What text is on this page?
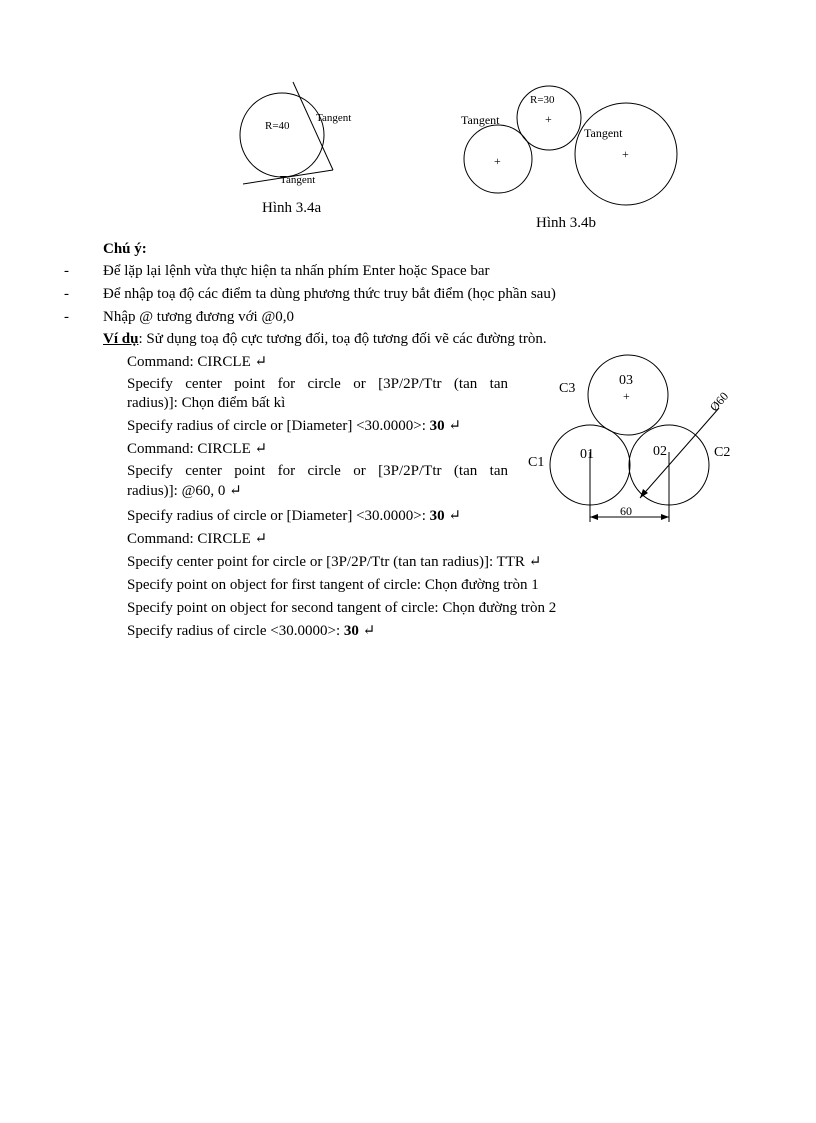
R=40
Tangent
Tangent
Hình 3.4a
R=30
Tangent
Tangent
+
+
+
Hình 3.4b
Chú ý:
- Để lặp lại lệnh vừa thực hiện ta nhấn phím Enter hoặc Space bar
- Để nhập toạ độ các điểm ta dùng phương thức truy bắt điểm (học phần sau)
- Nhập @ tương đương với @0,0
Ví dụ: Sử dụng toạ độ cực tương đối, toạ độ tương đối vẽ các đường tròn.
Command: CIRCLE ↵
Specify center point for circle or [3P/2P/Ttr (tan tan
radius)]: Chọn điểm bất kì
Specify radius of circle or [Diameter] <30.0000>: 30 ↵
Command: CIRCLE ↵
Specify center point for circle or [3P/2P/Ttr (tan tan
radius)]: @60, 0 ↵
Specify radius of circle or [Diameter] <30.0000>: 30 ↵
Command: CIRCLE ↵
Specify center point for circle or [3P/2P/Ttr (tan tan radius)]: TTR ↵
Specify point on object for first tangent of circle: Chọn đường tròn 1
Specify point on object for second tangent of circle: Chọn đường tròn 2
Specify radius of circle <30.0000>: 30 ↵
C3
03
+
C1
01	02	C2
60
Ø60
